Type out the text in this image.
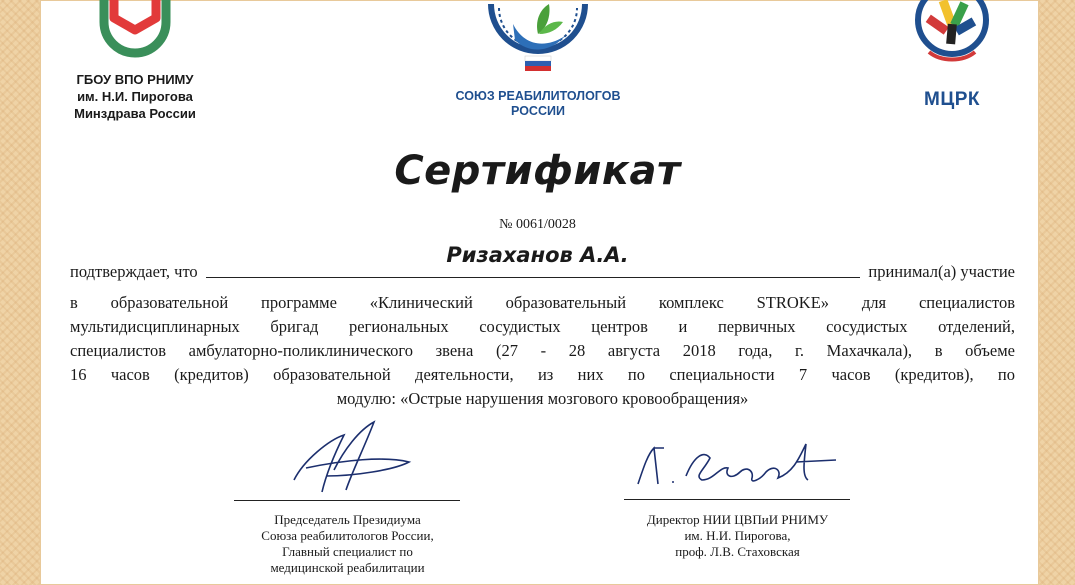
ГБОУ ВПО РНИМУ
им. Н.И. Пирогова
Минздрава России
СОЮЗ РЕАБИЛИТОЛОГОВ
РОССИИ
МЦРК
Сертификат
№ 0061/0028
Ризаханов А.А.
подтверждает, что	принимал(а) участие

в образовательной программе «Клинический образовательный комплекс STROKE» для специалистов

мультидисциплинарных бригад региональных сосудистых центров и первичных сосудистых отделений,

специалистов амбулаторно-поликлинического звена (27 - 28 августа 2018 года, г. Махачкала), в объеме

16 часов (кредитов) образовательной деятельности, из них по специальности 7 часов (кредитов), по

модулю: «Острые нарушения мозгового кровообращения»

Председатель Президиума
Союза реабилитологов России,
Главный специалист по
медицинской реабилитации
Директор НИИ ЦВПиИ РНИМУ
им. Н.И. Пирогова,
проф. Л.В. Стаховская
